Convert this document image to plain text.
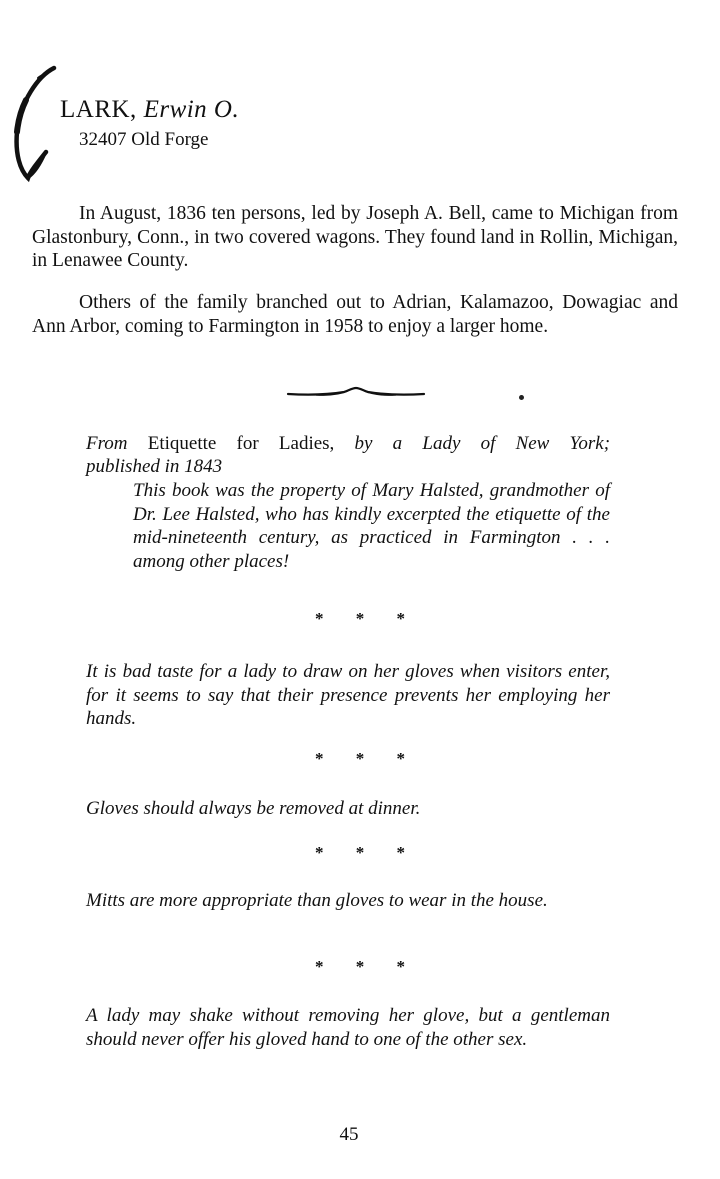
LARK, Erwin O.
32407 Old Forge
In August, 1836 ten persons, led by Joseph A. Bell, came to Michigan from Glastonbury, Conn., in two covered wagons. They found land in Rollin, Michigan, in Lenawee County.
Others of the family branched out to Adrian, Kalamazoo, Dowagiac and Ann Arbor, coming to Farmington in 1958 to enjoy a larger home.
From Etiquette for Ladies, by a Lady of New York;
published in 1843
This book was the property of Mary Halsted, grandmother of Dr. Lee Halsted, who has kindly excerpted the etiquette of the mid-nineteenth century, as practiced in Farmington . . . among other places!
* * *
It is bad taste for a lady to draw on her gloves when visitors enter, for it seems to say that their presence prevents her employing her hands.
* * *
Gloves should always be removed at dinner.
* * *
Mitts are more appropriate than gloves to wear in the house.
* * *
A lady may shake without removing her glove, but a gentleman should never offer his gloved hand to one of the other sex.
45
